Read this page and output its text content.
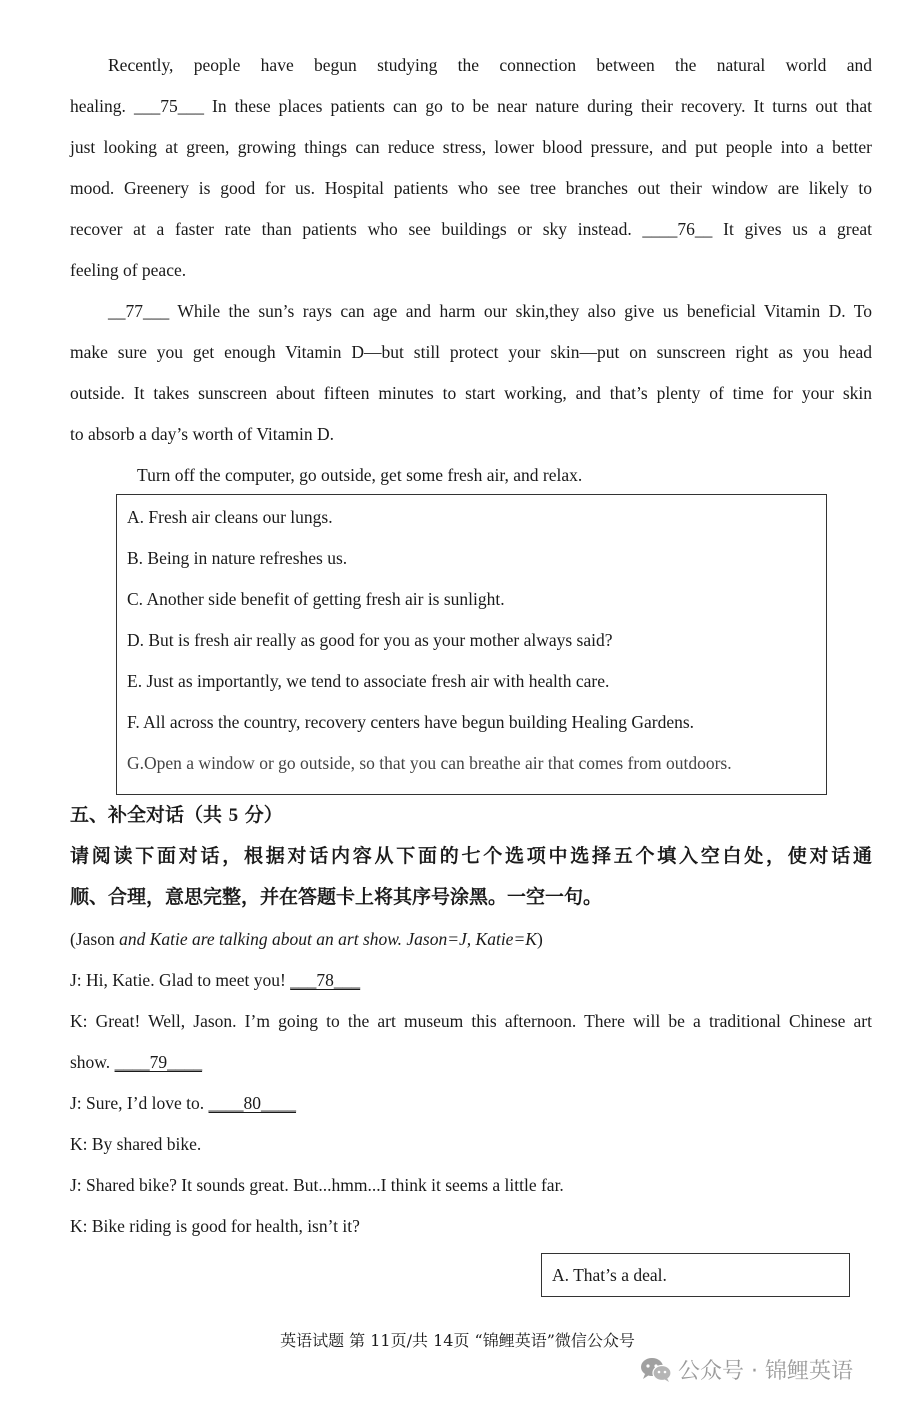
Recently, people have begun studying the connection between the natural world and
healing. ___75___ In these places patients can go to be near nature during their recovery. It turns out that
just looking at green, growing things can reduce stress, lower blood pressure, and put people into a better
mood. Greenery is good for us. Hospital patients who see tree branches out their window are likely to
recover at a faster rate than patients who see buildings or sky instead. ____76__ It gives us a great
feeling of peace.
__77___ While the sun’s rays can age and harm our skin,they also give us beneficial Vitamin D. To
make sure you get enough Vitamin D—but still protect your skin—put on sunscreen right as you head
outside. It takes sunscreen about fifteen minutes to start working, and that’s plenty of time for your skin
to absorb a day’s worth of Vitamin D.
Turn off the computer, go outside, get some fresh air, and relax.
A. Fresh air cleans our lungs.
B. Being in nature refreshes us.
C. Another side benefit of getting fresh air is sunlight.
D. But is fresh air really as good for you as your mother always said?
E. Just as importantly, we tend to associate fresh air with health care.
F. All across the country, recovery centers have begun building Healing Gardens.
G.Open a window or go outside, so that you can breathe air that comes from outdoors.
五、补全对话（共 5 分）
请阅读下面对话，根据对话内容从下面的七个选项中选择五个填入空白处，使对话通
顺、合理，意思完整，并在答题卡上将其序号涂黑。一空一句。
(Jason and Katie are talking about an art show. Jason=J, Katie=K)
J: Hi, Katie. Glad to meet you! ___78___
K: Great! Well, Jason. I’m going to the art museum this afternoon. There will be a traditional Chinese art
show. ____79____
J: Sure, I’d love to. ____80____
K: By shared bike.
J: Shared bike? It sounds great. But...hmm...I think it seems a little far.
K: Bike riding is good for health, isn’t it?
A. That’s a deal.
英语试题 第 11页/共 14页 “锦鲤英语”微信公众号
公众号 · 锦鲤英语
